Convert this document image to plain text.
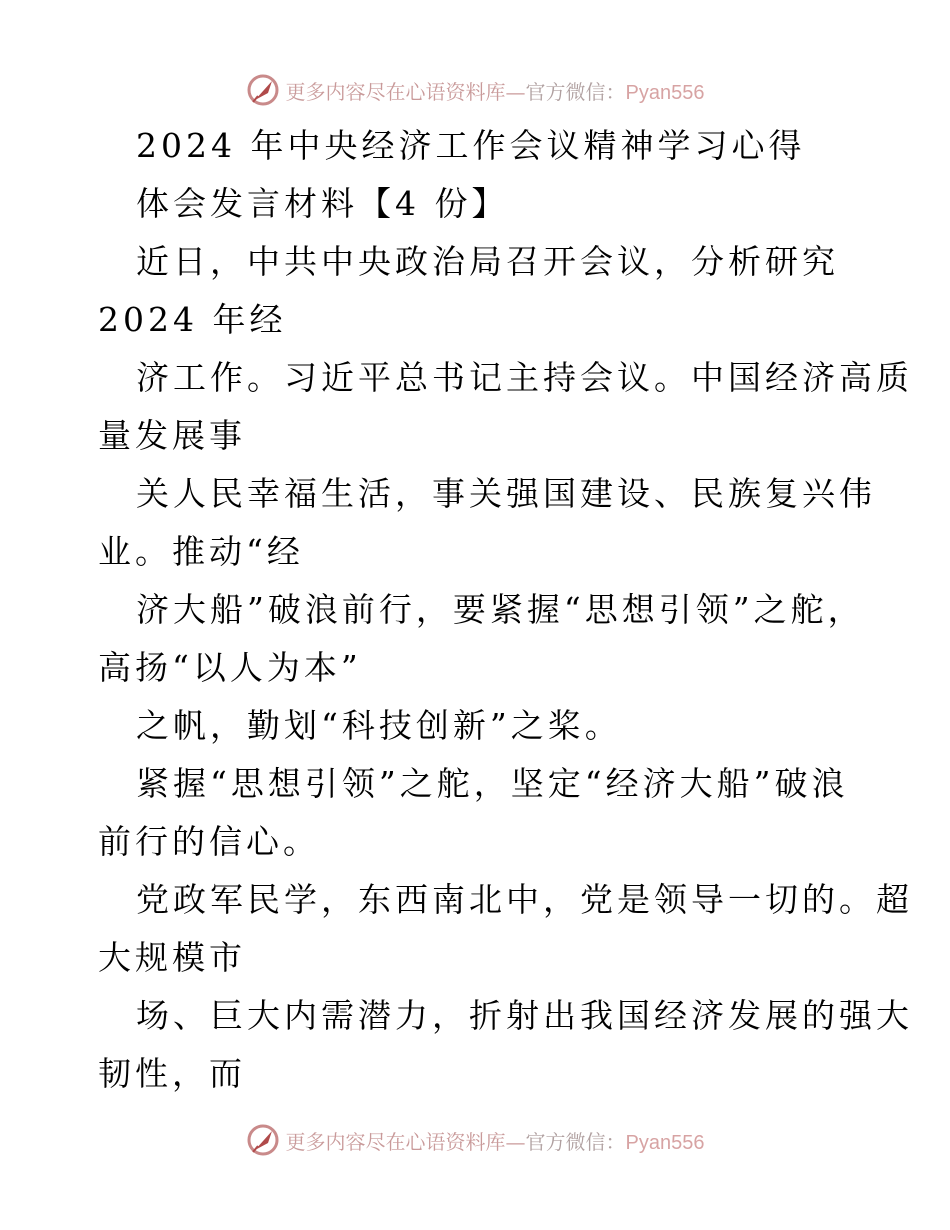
更多内容尽在心语资料库—官方微信：Pyan556
2024 年中央经济工作会议精神学习心得
体会发言材料【4 份】
近日，中共中央政治局召开会议，分析研究
2024 年经
济工作。习近平总书记主持会议。中国经济高质
量发展事
关人民幸福生活，事关强国建设、民族复兴伟
业。推动“经
济大船”破浪前行，要紧握“思想引领”之舵，
高扬“以人为本”
之帆，勤划“科技创新”之桨。
紧握“思想引领”之舵，坚定“经济大船”破浪
前行的信心。
党政军民学，东西南北中，党是领导一切的。超
大规模市
场、巨大内需潜力，折射出我国经济发展的强大
韧性，而
更多内容尽在心语资料库—官方微信：Pyan556
